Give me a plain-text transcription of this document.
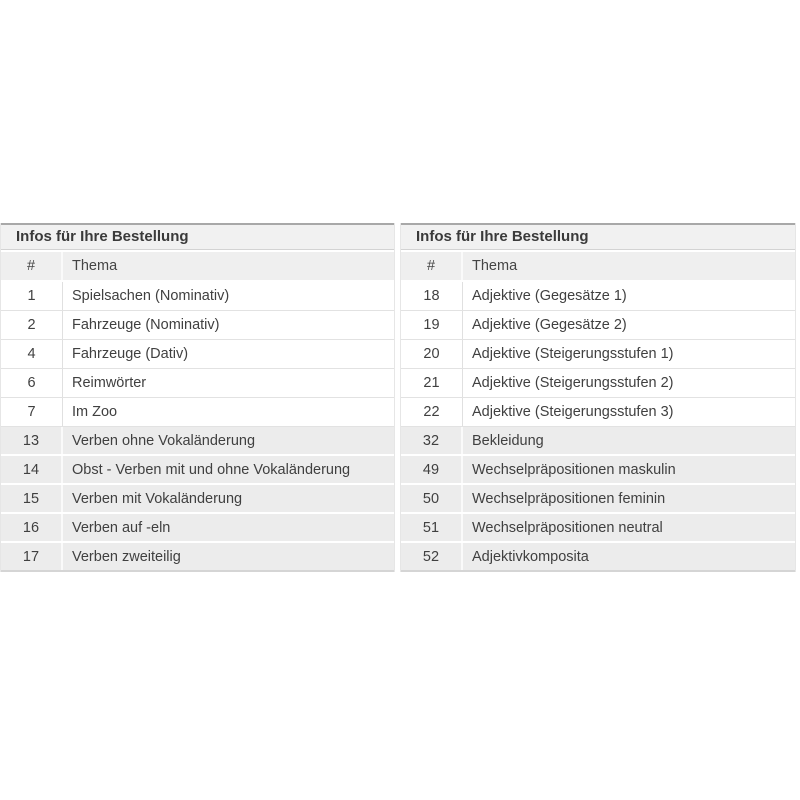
Infos für Ihre Bestellung
#	Thema
1	Spielsachen (Nominativ)
2	Fahrzeuge (Nominativ)
4	Fahrzeuge (Dativ)
6	Reimwörter
7	Im Zoo
13	Verben ohne Vokaländerung
14	Obst - Verben mit und ohne Vokaländerung
15	Verben mit Vokaländerung
16	Verben auf -eln
17	Verben zweiteilig
Infos für Ihre Bestellung
#	Thema
18	Adjektive (Gegesätze 1)
19	Adjektive (Gegesätze 2)
20	Adjektive (Steigerungsstufen 1)
21	Adjektive (Steigerungsstufen 2)
22	Adjektive (Steigerungsstufen 3)
32	Bekleidung
49	Wechselpräpositionen maskulin
50	Wechselpräpositionen feminin
51	Wechselpräpositionen neutral
52	Adjektivkomposita
